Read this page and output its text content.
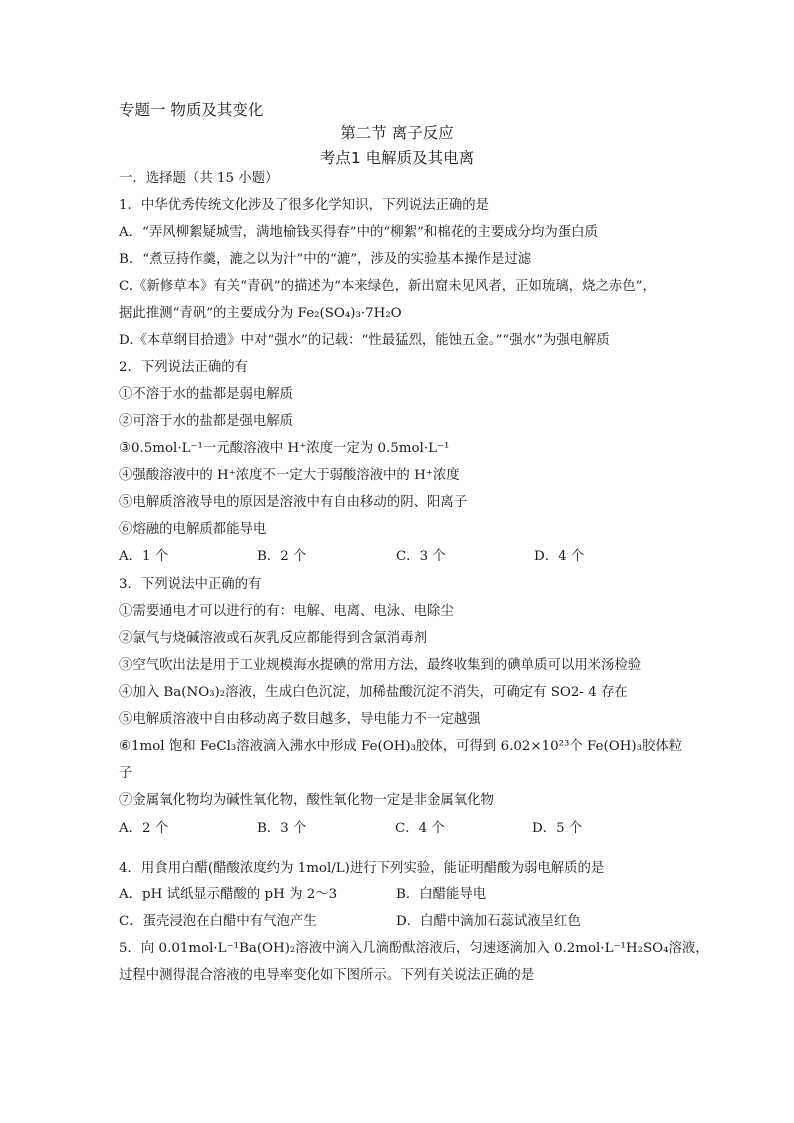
专题一 物质及其变化
第二节 离子反应
考点1 电解质及其电离
一．选择题（共 15 小题）
1．中华优秀传统文化涉及了很多化学知识，下列说法正确的是
A．“弄风柳絮疑城雪，满地榆钱买得春”中的“柳絮”和棉花的主要成分均为蛋白质
B．“煮豆持作羹，漉之以为汁”中的“漉”，涉及的实验基本操作是过滤
C.《新修草本》有关“青矾”的描述为“本来绿色，新出窟未见风者，正如琉璃，烧之赤色”，
据此推测“青矾”的主要成分为 Fe₂(SO₄)₃·7H₂O
D.《本草纲目拾遗》中对“强水”的记载：“性最猛烈，能蚀五金。”“强水”为强电解质
2．下列说法正确的有
①不溶于水的盐都是弱电解质
②可溶于水的盐都是强电解质
③0.5mol·L⁻¹一元酸溶液中 H⁺浓度一定为 0.5mol·L⁻¹
④强酸溶液中的 H⁺浓度不一定大于弱酸溶液中的 H⁺浓度
⑤电解质溶液导电的原因是溶液中有自由移动的阴、阳离子
⑥熔融的电解质都能导电
A．1 个	B．2 个	C．3 个	D．4 个
3．下列说法中正确的有
①需要通电才可以进行的有：电解、电离、电泳、电除尘
②氯气与烧碱溶液或石灰乳反应都能得到含氯消毒剂
③空气吹出法是用于工业规模海水提碘的常用方法，最终收集到的碘单质可以用米汤检验
④加入 Ba(NO₃)₂溶液，生成白色沉淀，加稀盐酸沉淀不消失，可确定有 SO2- 4 存在
⑤电解质溶液中自由移动离子数目越多，导电能力不一定越强
⑥1mol 饱和 FeCl₃溶液滴入沸水中形成 Fe(OH)₃胶体，可得到 6.02×10²³个 Fe(OH)₃胶体粒
子
⑦金属氧化物均为碱性氧化物，酸性氧化物一定是非金属氧化物
A．2 个	B．3 个	C．4 个	D．5 个
4．用食用白醋(醋酸浓度约为 1mol/L)进行下列实验，能证明醋酸为弱电解质的是
A．pH 试纸显示醋酸的 pH 为 2～3	B．白醋能导电
C．蛋壳浸泡在白醋中有气泡产生	D．白醋中滴加石蕊试液呈红色
5．向 0.01mol·L⁻¹Ba(OH)₂溶液中滴入几滴酚酞溶液后，匀速逐滴加入 0.2mol·L⁻¹H₂SO₄溶液，
过程中测得混合溶液的电导率变化如下图所示。下列有关说法正确的是
